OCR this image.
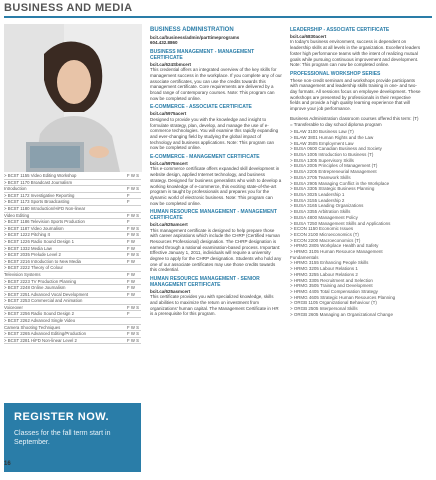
BUSINESS AND MEDIA
> BCST 1155 Video Editing Workshop	F W S
> BCST 1170 Broadcast Journalism
Introduction	F W S
> BCST 1172 Investigative Reporting	F
> BCST 1173 Sports Broadcasting	F
> BCST 1180 Introduction/HiFD Non-linear
Video Editing	F W S
> BCST 1186 Television Sports Production	F
> BCST 1187 Video Journalism	F W S
> BCST 1222 Pitching It	F W S
> BCST 1226 Radio Sound Design 1	F W
> BCST 1332 Media Law	F W
> BCST 2035 Prelude Level 2	F W S
> BCST 2216 Introduction to New Media	F W
> BCST 2222 Theory of Colour
Television Systems	F W
> BCST 2223 TV Production Planning	F W
> BCST 2248 Online Journalism	F W
> BCST 2251 Advanced Vocal Development	F W
> BCST 2253 Commercial and Animation
Voiceover	F W S
> BCST 2256 Radio Sound Design 2	F
> BCST 2262 Advanced Single Video
Camera Shooting Techniques	F W S
> BCST 2265 Advanced Editing/Production	F W S
> BCST 2281 HiFD Non-linear Level 2	F W S
REGISTER NOW.
Classes for the fall term start in September.
16
BUSINESS ADMINISTRATION
bcit.ca/business/admin/parttimeprograms
604.432.8860
BUSINESS MANAGEMENT - MANAGEMENT CERTIFICATE
bcit.ca/624Sbmcert

This credential offers an integrated overview of the key skills for management success in the workplace. If you complete any of our associate certificates, you can use the credits towards this management certificate. Core requirements are delivered by a broad range of contemporary courses. Note: This program can now be completed online.

E-COMMERCE - ASSOCIATE CERTIFICATE
bcit.ca/5975acert

Designed to provide you with the knowledge and insight to formulate strategy, plan, develop, and manage the use of e-commerce technologies. You will examine this rapidly expanding and ever-changing field by studying the global impact of technology and business applications. Note: This program can now be completed online.

E-COMMERCE - MANAGEMENT CERTIFICATE
bcit.ca/5975mcert

This e-commerce certificate offers expanded skill development in website design, applied Internet technology, and business strategy. Designed for business generalists who wish to develop a working knowledge of e-commerce, this exciting state-of-the-art program is taught by professionals and prepares you for the dynamic world of electronic business. Note: This program can now be completed online.

HUMAN RESOURCE MANAGEMENT - MANAGEMENT CERTIFICATE
bcit.ca/625amcert

This management certificate is designed to help prepare those with career aspirations which include the CHRP (Certified Human Resources Professional) designation. The CHRP designation is earned through a national examination-based process. Important: Effective January 1, 2011, individuals will require a university degree to apply for the CHRP designation. Students who hold any one of our associate certificates may use those credits towards this credential.

HUMAN RESOURCE MANAGEMENT - SENIOR MANAGEMENT CERTIFICATE
bcit.ca/625asmcert

This certificate provides you with specialized knowledge, skills and abilities to maximize the return on investment from organizations' human capital. The Management Certificate in HR is a prerequisite for this program.

LEADERSHIP - ASSOCIATE CERTIFICATE
bcit.ca/6830acert

In today's business environment, success is dependent on leadership skills at all levels in the organization. Excellent leaders foster high performance teams with the intent of realizing mutual goals while pursuing continuous improvement and development. Note: This program can now be completed online.

PROFESSIONAL WORKSHOP SERIES

These non-credit seminars and workshops provide participants with management and leadership skills training in one- and two-day formats. All sessions focus on employee development. These workshops are presented by professionals in their respective fields and provide a high quality learning experience that will improve your job performance.

Business Administration classroom courses offered this term: (T) = Transferable to day school diploma program

> BLAW 3100 Business Law (T)
> BLAW 3801 Human Rights and the Law
> BLAW 3505 Employment Law
> BUSA 0600 Canadian Business and Society
> BUSA 1005 Introduction to Business (T)
> BUSA 1305 Supervisory Skills
> BUSA 2005 Principles of Management (T)
> BUSA 2205 Entrepreneurial Management
> BUSA 2705 Teamwork Skills
> BUSA 2905 Managing Conflict in the Workplace
> BUSA 3305 Strategic Business Planning
> BUSA 3025 Leadership 1
> BUSA 3155 Leadership 2
> BUSA 3165 Leading Organizations
> BUSA 3355 Arbitration Skills
> BUSA 4800 Management Policy
> BUSA 7250 Management Skills and Applications
> ECON 1150 Economic Issues
> ECON 2100 Microeconomics (T)
> ECON 2200 Macroeconomics (T)
> HRMG 2805 Workplace Health and Safety
> HRMG 3105 Human Resource Management
Fundamentals
> HRMG 3155 Enhancing People Skills
> HRMG 3205 Labour Relations 1
> HRMG 3255 Labour Relations 2
> HRMG 3305 Recruitment and Selection
> HRMG 3505 Training and Development
> HRMG 4405 Total Compensation Strategy
> HRMG 4605 Strategic Human Resources Planning
> ORGB 1105 Organizational Behaviour (T)
> ORGB 2505 Interpersonal Skills
> ORGB 2605 Managing an Organizational Change
